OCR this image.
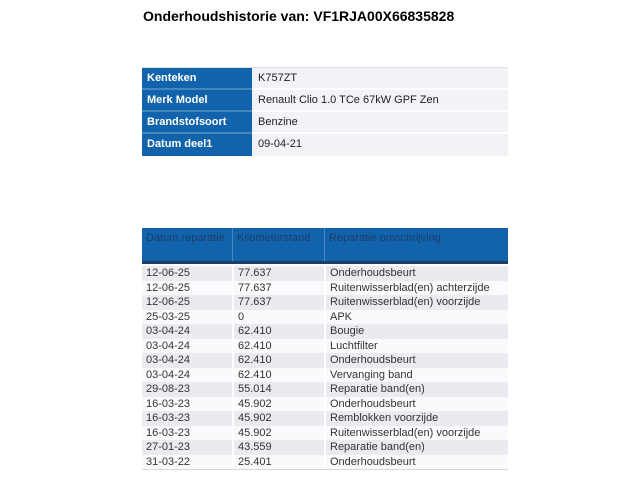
Onderhoudshistorie van: VF1RJA00X66835828
Kenteken	K757ZT
Merk Model	Renault Clio 1.0 TCe 67kW GPF Zen
Brandstofsoort	Benzine
Datum deel1	09-04-21
Datum reparatie	Kilometerstand	Reparatie omschrijving
12-06-25	77.637	Onderhoudsbeurt
12-06-25	77.637	Ruitenwisserblad(en) achterzijde
12-06-25	77.637	Ruitenwisserblad(en) voorzijde
25-03-25	0	APK
03-04-24	62.410	Bougie
03-04-24	62.410	Luchtfilter
03-04-24	62.410	Onderhoudsbeurt
03-04-24	62.410	Vervanging band
29-08-23	55.014	Reparatie band(en)
16-03-23	45.902	Onderhoudsbeurt
16-03-23	45.902	Remblokken voorzijde
16-03-23	45.902	Ruitenwisserblad(en) voorzijde
27-01-23	43.559	Reparatie band(en)
31-03-22	25.401	Onderhoudsbeurt
